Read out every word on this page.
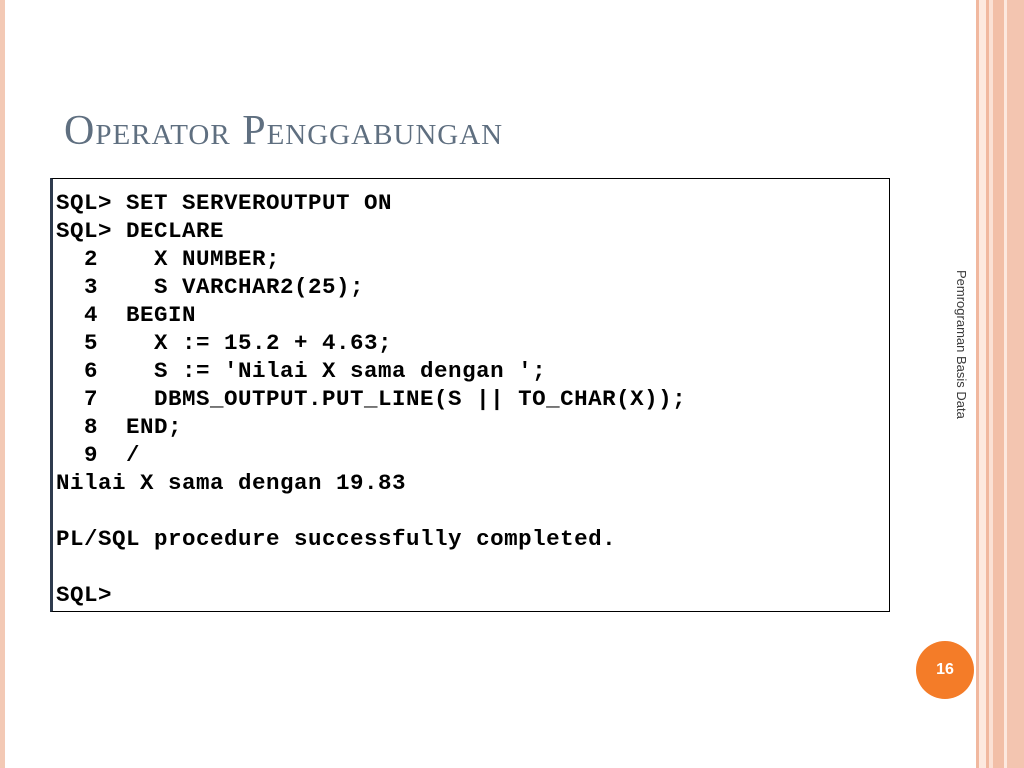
Operator Penggabungan
SQL> SET SERVEROUTPUT ON
SQL> DECLARE
2    X NUMBER;
3    S VARCHAR2(25);
4  BEGIN
5    X := 15.2 + 4.63;
6    S := 'Nilai X sama dengan ';
7    DBMS_OUTPUT.PUT_LINE(S || TO_CHAR(X));
8  END;
9  /
Nilai X sama dengan 19.83
PL/SQL procedure successfully completed.
SQL>
Pemrograman Basis Data
16
